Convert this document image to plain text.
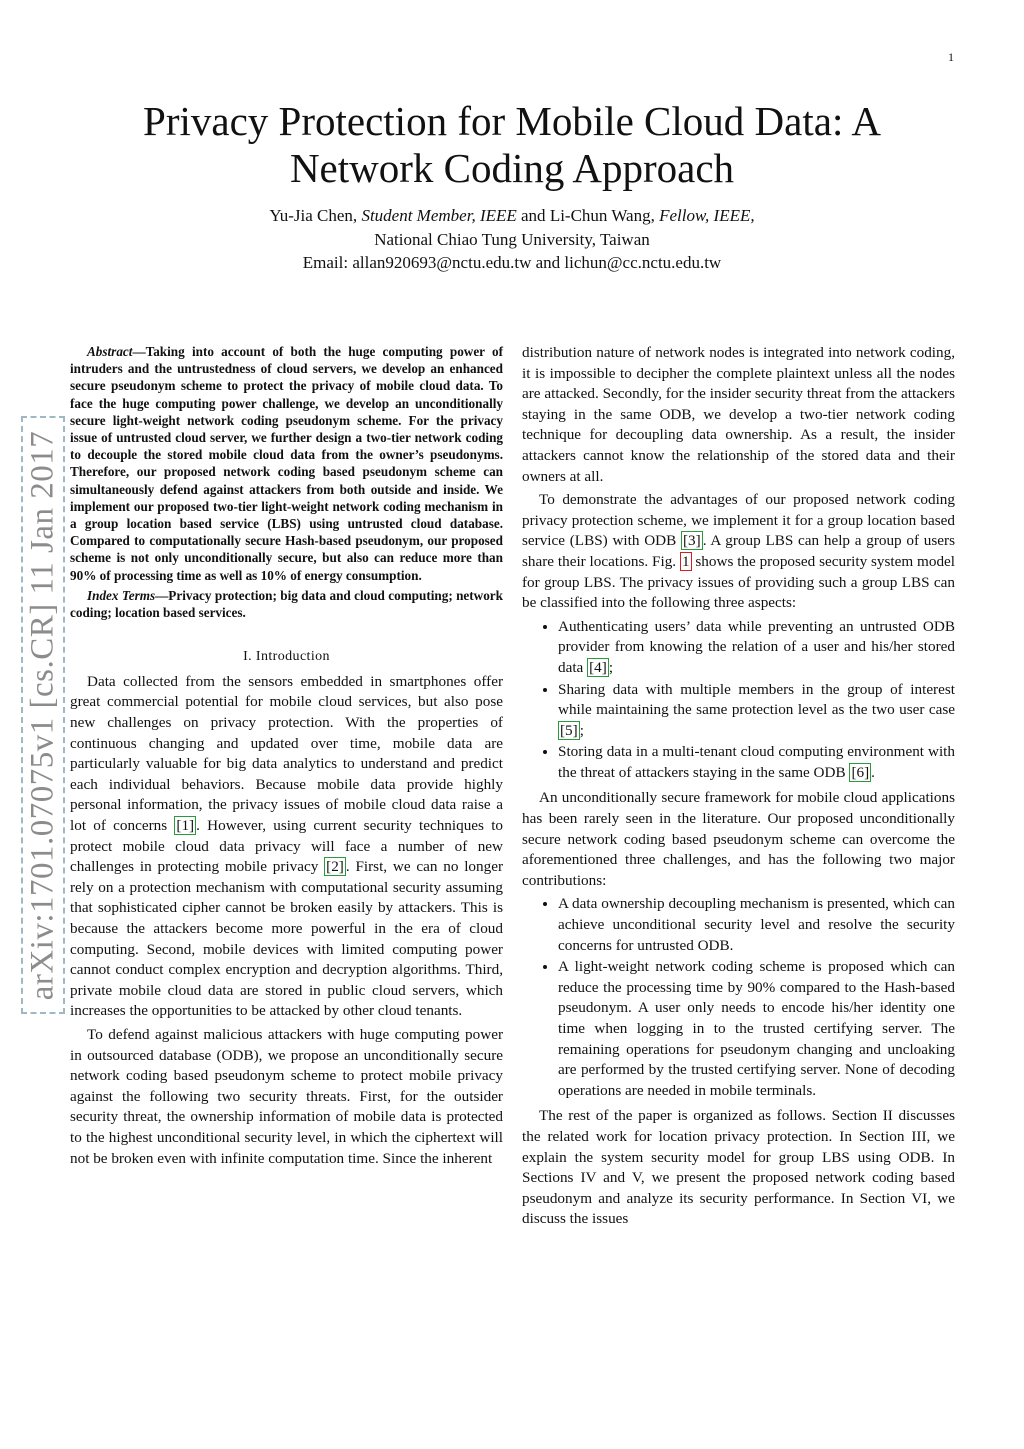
1
Privacy Protection for Mobile Cloud Data: A Network Coding Approach
Yu-Jia Chen, Student Member, IEEE and Li-Chun Wang, Fellow, IEEE,
National Chiao Tung University, Taiwan
Email: allan920693@nctu.edu.tw and lichun@cc.nctu.edu.tw
arXiv:1701.07075v1 [cs.CR] 11 Jan 2017

Abstract—Taking into account of both the huge computing power of intruders and the untrustedness of cloud servers, we develop an enhanced secure pseudonym scheme to protect the privacy of mobile cloud data. To face the huge computing power challenge, we develop an unconditionally secure light-weight network coding pseudonym scheme. For the privacy issue of untrusted cloud server, we further design a two-tier network coding to decouple the stored mobile cloud data from the owner’s pseudonyms. Therefore, our proposed network coding based pseudonym scheme can simultaneously defend against attackers from both outside and inside. We implement our proposed two-tier light-weight network coding mechanism in a group location based service (LBS) using untrusted cloud database. Compared to computationally secure Hash-based pseudonym, our proposed scheme is not only unconditionally secure, but also can reduce more than 90% of processing time as well as 10% of energy consumption.

Index Terms—Privacy protection; big data and cloud computing; network coding; location based services.

I. Introduction

Data collected from the sensors embedded in smartphones offer great commercial potential for mobile cloud services, but also pose new challenges on privacy protection. With the properties of continuous changing and updated over time, mobile data are particularly valuable for big data analytics to understand and predict each individual behaviors. Because mobile data provide highly personal information, the privacy issues of mobile cloud data raise a lot of concerns [1] . However, using current security techniques to protect mobile cloud data privacy will face a number of new challenges in protecting mobile privacy [2] . First, we can no longer rely on a protection mechanism with computational security assuming that sophisticated cipher cannot be broken easily by attackers. This is because the attackers become more powerful in the era of cloud computing. Second, mobile devices with limited computing power cannot conduct complex encryption and decryption algorithms. Third, private mobile cloud data are stored in public cloud servers, which increases the opportunities to be attacked by other cloud tenants.

To defend against malicious attackers with huge computing power in outsourced database (ODB), we propose an unconditionally secure network coding based pseudonym scheme to protect mobile privacy against the following two security threats. First, for the outsider security threat, the ownership information of mobile data is protected to the highest unconditional security level, in which the ciphertext will not be broken even with infinite computation time. Since the inherent

distribution nature of network nodes is integrated into network coding, it is impossible to decipher the complete plaintext unless all the nodes are attacked. Secondly, for the insider security threat from the attackers staying in the same ODB, we develop a two-tier network coding technique for decoupling data ownership. As a result, the insider attackers cannot know the relationship of the stored data and their owners at all.

To demonstrate the advantages of our proposed network coding privacy protection scheme, we implement it for a group location based service (LBS) with ODB [3] . A group LBS can help a group of users share their locations. Fig. 1 shows the proposed security system model for group LBS. The privacy issues of providing such a group LBS can be classified into the following three aspects:

• Authenticating users’ data while preventing an untrusted ODB provider from knowing the relation of a user and his/her stored data [4] ;
• Sharing data with multiple members in the group of interest while maintaining the same protection level as the two user case [5] ;
• Storing data in a multi-tenant cloud computing environment with the threat of attackers staying in the same ODB [6] .

An unconditionally secure framework for mobile cloud applications has been rarely seen in the literature. Our proposed unconditionally secure network coding based pseudonym scheme can overcome the aforementioned three challenges, and has the following two major contributions:

• A data ownership decoupling mechanism is presented, which can achieve unconditional security level and resolve the security concerns for untrusted ODB.
• A light-weight network coding scheme is proposed which can reduce the processing time by 90% compared to the Hash-based pseudonym. A user only needs to encode his/her identity one time when logging in to the trusted certifying server. The remaining operations for pseudonym changing and uncloaking are performed by the trusted certifying server. None of decoding operations are needed in mobile terminals.

The rest of the paper is organized as follows. Section II discusses the related work for location privacy protection. In Section III, we explain the system security model for group LBS using ODB. In Sections IV and V, we present the proposed network coding based pseudonym and analyze its security performance. In Section VI, we discuss the issues
